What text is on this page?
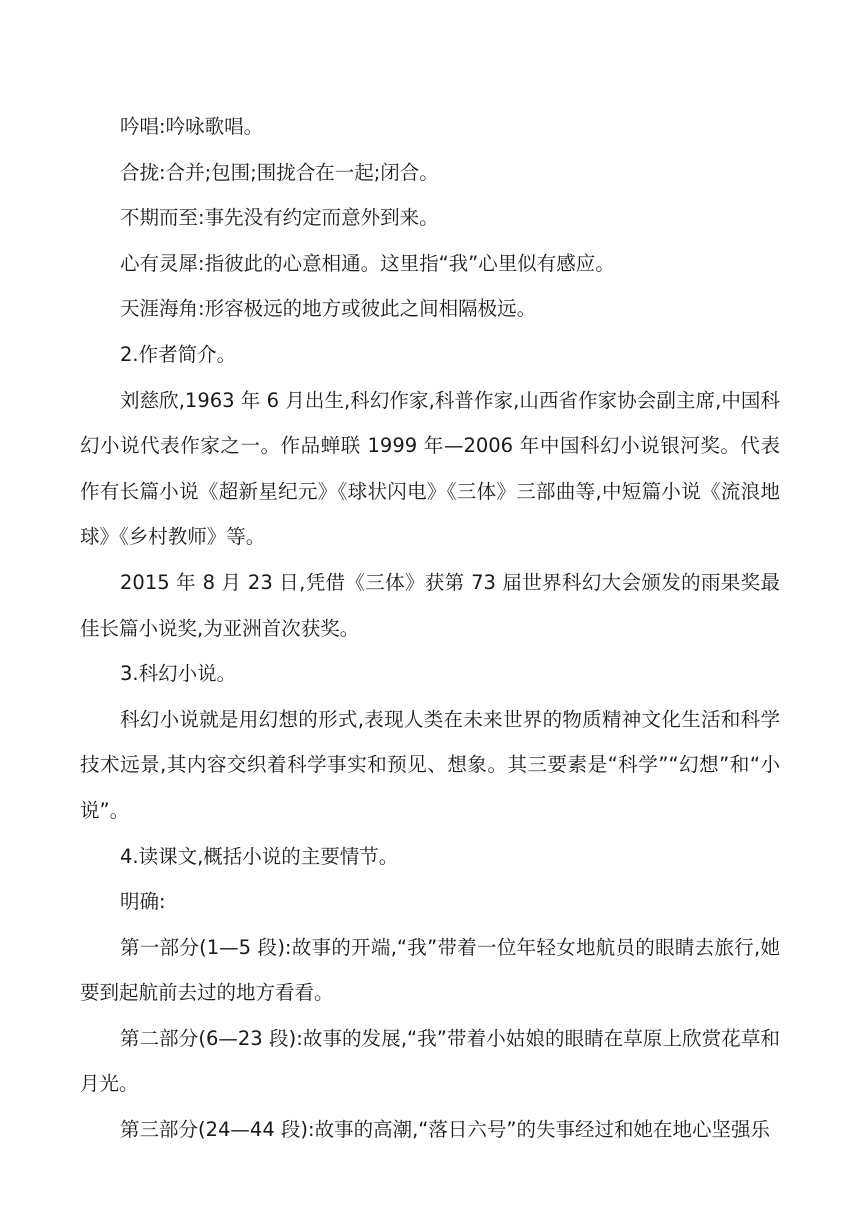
吟唱:吟咏歌唱。

合拢:合并;包围;围拢合在一起;闭合。

不期而至:事先没有约定而意外到来。

心有灵犀:指彼此的心意相通。这里指“我”心里似有感应。

天涯海角:形容极远的地方或彼此之间相隔极远。

2.作者简介。

刘慈欣,1963 年 6 月出生,科幻作家,科普作家,山西省作家协会副主席,中国科幻小说代表作家之一。作品蝉联 1999 年—2006 年中国科幻小说银河奖。代表作有长篇小说《超新星纪元》《球状闪电》《三体》三部曲等,中短篇小说《流浪地球》《乡村教师》等。

2015 年 8 月 23 日,凭借《三体》获第 73 届世界科幻大会颁发的雨果奖最佳长篇小说奖,为亚洲首次获奖。

3.科幻小说。

科幻小说就是用幻想的形式,表现人类在未来世界的物质精神文化生活和科学技术远景,其内容交织着科学事实和预见、想象。其三要素是“科学”“幻想”和“小说”。

4.读课文,概括小说的主要情节。

明确:

第一部分(1—5 段):故事的开端,“我”带着一位年轻女地航员的眼睛去旅行,她要到起航前去过的地方看看。

第二部分(6—23 段):故事的发展,“我”带着小姑娘的眼睛在草原上欣赏花草和月光。

第三部分(24—44 段):故事的高潮,“落日六号”的失事经过和她在地心坚强乐
